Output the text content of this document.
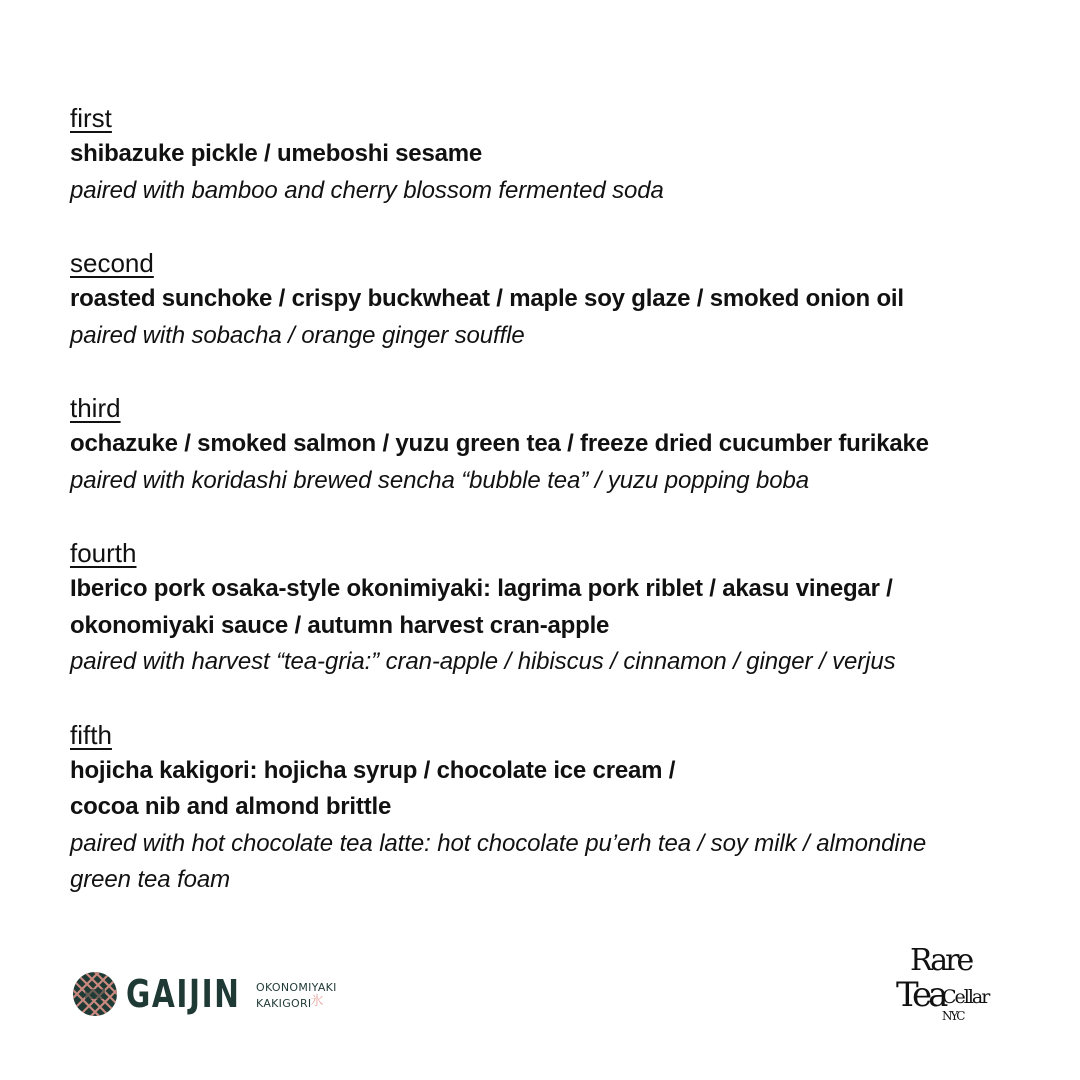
first
shibazuke pickle / umeboshi sesame
paired with bamboo and cherry blossom fermented soda
second
roasted sunchoke / crispy buckwheat / maple soy glaze / smoked onion oil
paired with sobacha / orange ginger souffle
third
ochazuke / smoked salmon / yuzu green tea / freeze dried cucumber furikake
paired with koridashi brewed sencha “bubble tea” / yuzu popping boba
fourth
Iberico pork osaka-style okonimiyaki: lagrima pork riblet / akasu vinegar /
okonomiyaki sauce / autumn harvest cran-apple
paired with harvest “tea-gria:” cran-apple / hibiscus / cinnamon / ginger / verjus
fifth
hojicha kakigori: hojicha syrup / chocolate ice cream /
cocoa nib and almond brittle
paired with hot chocolate tea latte: hot chocolate pu’erh tea / soy milk / almondine
green tea foam
GAIJIN OKONOMIYAKI
KAKIGORI 氷
Rare
Tea
Cellar
NYC
